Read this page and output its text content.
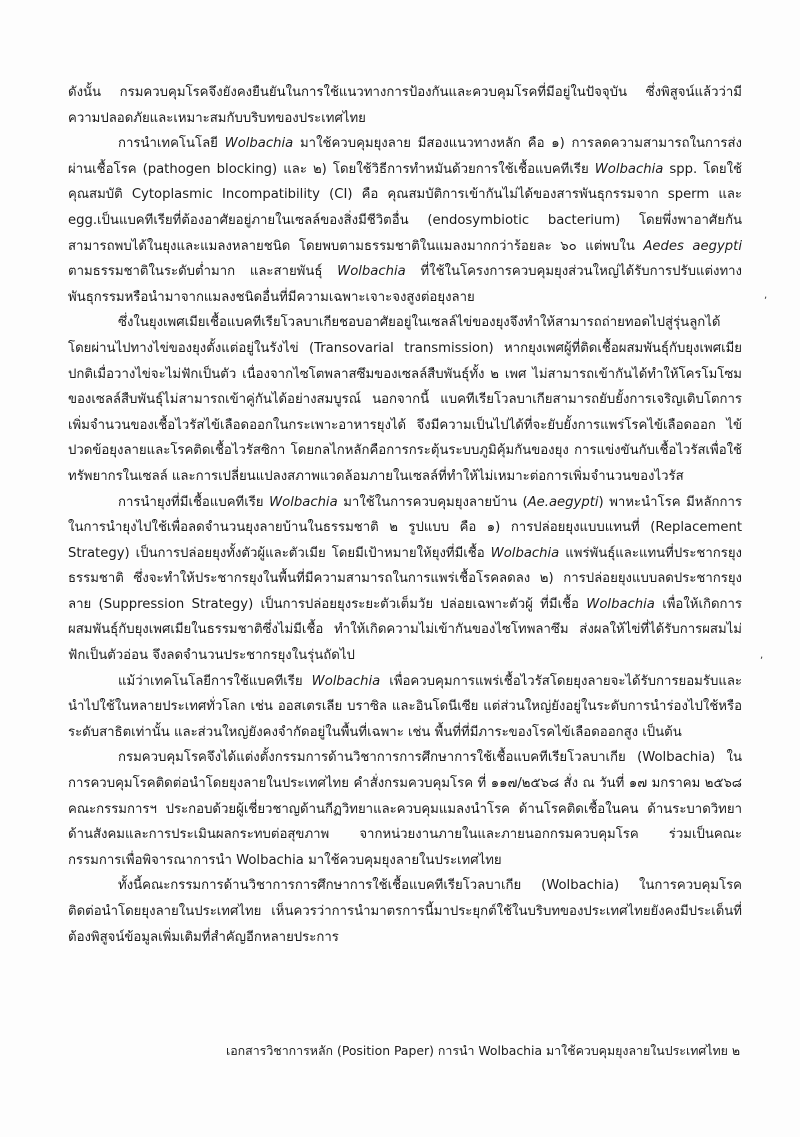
ดังนั้น กรมควบคุมโรคจึงยังคงยืนยันในการใช้แนวทางการป้องกันและควบคุมโรคที่มีอยู่ในปัจจุบัน ซึ่งพิสูจน์แล้วว่ามีความปลอดภัยและเหมาะสมกับบริบทของประเทศไทย

การนำเทคโนโลยี Wolbachia มาใช้ควบคุมยุงลาย มีสองแนวทางหลัก คือ ๑) การลดความสามารถในการส่งผ่านเชื้อโรค (pathogen blocking) และ ๒) โดยใช้วิธีการทำหมันด้วยการใช้เชื้อแบคทีเรีย Wolbachia spp. โดยใช้คุณสมบัติ Cytoplasmic Incompatibility (CI) คือ คุณสมบัติการเข้ากันไม่ได้ของสารพันธุกรรมจาก sperm และ egg.เป็นแบคทีเรียที่ต้องอาศัยอยู่ภายในเซลล์ของสิ่งมีชีวิตอื่น (endosymbiotic bacterium) โดยพึ่งพาอาศัยกัน สามารถพบได้ในยุงและแมลงหลายชนิด โดยพบตามธรรมชาติในแมลงมากกว่าร้อยละ ๖๐ แต่พบใน Aedes aegypti ตามธรรมชาติในระดับต่ำมาก และสายพันธุ์ Wolbachia ที่ใช้ในโครงการควบคุมยุงส่วนใหญ่ได้รับการปรับแต่งทางพันธุกรรมหรือนำมาจากแมลงชนิดอื่นที่มีความเฉพาะเจาะจงสูงต่อยุงลาย

ซึ่งในยุงเพศเมียเชื้อแบคทีเรียโวลบาเกียชอบอาศัยอยู่ในเซลล์ไข่ของยุงจึงทำให้สามารถถ่ายทอดไปสู่รุ่นลูกได้โดยผ่านไปทางไข่ของยุงตั้งแต่อยู่ในรังไข่ (Transovarial transmission) หากยุงเพศผู้ที่ติดเชื้อผสมพันธุ์กับยุงเพศเมียปกติเมื่อวางไข่จะไม่ฟักเป็นตัว เนื่องจากไซโตพลาสซึมของเซลล์สืบพันธุ์ทั้ง ๒ เพศ ไม่สามารถเข้ากันได้ทำให้โครโมโซมของเซลล์สืบพันธุ์ไม่สามารถเข้าคู่กันได้อย่างสมบูรณ์ นอกจากนี้ แบคทีเรียโวลบาเกียสามารถยับยั้งการเจริญเติบโตการเพิ่มจำนวนของเชื้อไวรัสไข้เลือดออกในกระเพาะอาหารยุงได้ จึงมีความเป็นไปได้ที่จะยับยั้งการแพร่โรคไข้เลือดออก ไข้ปวดข้อยุงลายและโรคติดเชื้อไวรัสซิกา โดยกลไกหลักคือการกระตุ้นระบบภูมิคุ้มกันของยุง การแข่งขันกับเชื้อไวรัสเพื่อใช้ทรัพยากรในเซลล์ และการเปลี่ยนแปลงสภาพแวดล้อมภายในเซลล์ที่ทำให้ไม่เหมาะต่อการเพิ่มจำนวนของไวรัส

การนำยุงที่มีเชื้อแบคทีเรีย Wolbachia มาใช้ในการควบคุมยุงลายบ้าน (Ae.aegypti) พาหะนำโรค มีหลักการในการนำยุงไปใช้เพื่อลดจำนวนยุงลายบ้านในธรรมชาติ ๒ รูปแบบ คือ ๑) การปล่อยยุงแบบแทนที่ (Replacement Strategy) เป็นการปล่อยยุงทั้งตัวผู้และตัวเมีย โดยมีเป้าหมายให้ยุงที่มีเชื้อ Wolbachia แพร่พันธุ์และแทนที่ประชากรยุงธรรมชาติ ซึ่งจะทำให้ประชากรยุงในพื้นที่มีความสามารถในการแพร่เชื้อโรคลดลง ๒) การปล่อยยุงแบบลดประชากรยุงลาย (Suppression Strategy) เป็นการปล่อยยุงระยะตัวเต็มวัย ปล่อยเฉพาะตัวผู้ ที่มีเชื้อ Wolbachia เพื่อให้เกิดการผสมพันธุ์กับยุงเพศเมียในธรรมชาติซึ่งไม่มีเชื้อ ทำให้เกิดความไม่เข้ากันของไซโทพลาซึม ส่งผลให้ไข่ที่ได้รับการผสมไม่ฟักเป็นตัวอ่อน จึงลดจำนวนประชากรยุงในรุ่นถัดไป

แม้ว่าเทคโนโลยีการใช้แบคทีเรีย Wolbachia เพื่อควบคุมการแพร่เชื้อไวรัสโดยยุงลายจะได้รับการยอมรับและนำไปใช้ในหลายประเทศทั่วโลก เช่น ออสเตรเลีย บราซิล และอินโดนีเซีย แต่ส่วนใหญ่ยังอยู่ในระดับการนำร่องไปใช้หรือระดับสาธิตเท่านั้น และส่วนใหญ่ยังคงจำกัดอยู่ในพื้นที่เฉพาะ เช่น พื้นที่ที่มีภาระของโรคไข้เลือดออกสูง เป็นต้น

กรมควบคุมโรคจึงได้แต่งตั้งกรรมการด้านวิชาการการศึกษาการใช้เชื้อแบคทีเรียโวลบาเกีย (Wolbachia) ในการควบคุมโรคติดต่อนำโดยยุงลายในประเทศไทย คำสั่งกรมควบคุมโรค ที่ ๑๑๗/๒๕๖๘ สั่ง ณ วันที่ ๑๗ มกราคม ๒๕๖๘ คณะกรรมการฯ ประกอบด้วยผู้เชี่ยวชาญด้านกีฏวิทยาและควบคุมแมลงนำโรค ด้านโรคติดเชื้อในคน ด้านระบาดวิทยา ด้านสังคมและการประเมินผลกระทบต่อสุขภาพ จากหน่วยงานภายในและภายนอกกรมควบคุมโรค ร่วมเป็นคณะกรรมการเพื่อพิจารณาการนำ Wolbachia มาใช้ควบคุมยุงลายในประเทศไทย

ทั้งนี้คณะกรรมการด้านวิชาการการศึกษาการใช้เชื้อแบคทีเรียโวลบาเกีย (Wolbachia) ในการควบคุมโรคติดต่อนำโดยยุงลายในประเทศไทย เห็นควรว่าการนำมาตรการนี้มาประยุกต์ใช้ในบริบทของประเทศไทยยังคงมีประเด็นที่ต้องพิสูจน์ข้อมูลเพิ่มเติมที่สำคัญอีกหลายประการ

เอกสารวิชาการหลัก (Position Paper) การนำ Wolbachia มาใช้ควบคุมยุงลายในประเทศไทย ๒
,
,
